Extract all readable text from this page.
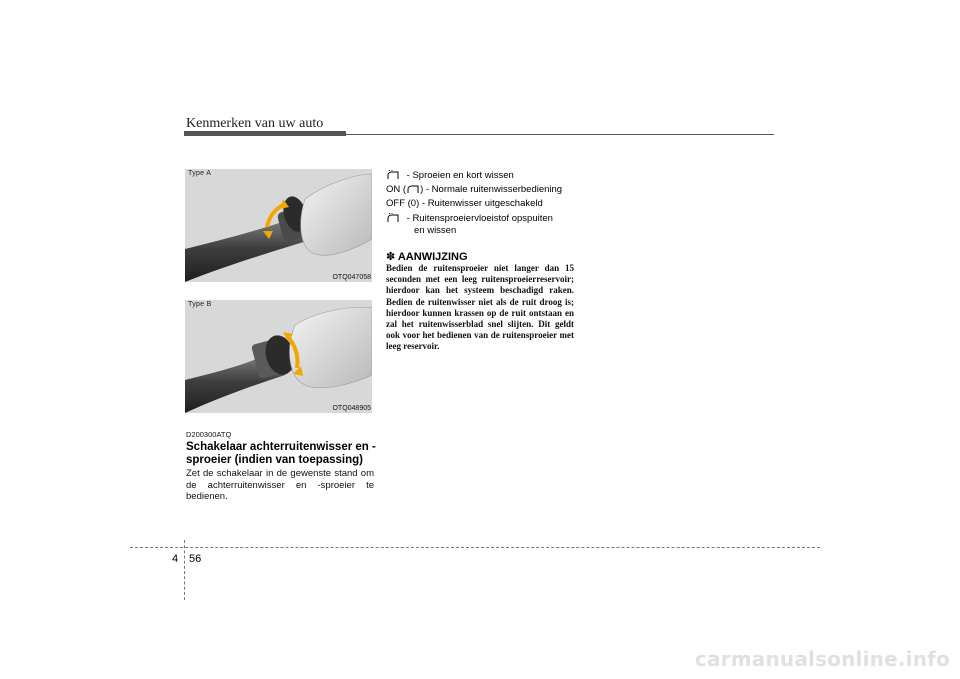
Kenmerken van uw auto
Type A
OTQ047058
Type B
OTQ048905
D200300ATQ
Schakelaar achterruitenwisser en -sproeier (indien van toepassing)
Zet de schakelaar in de gewenste stand om de achterruitenwisser en -sproeier te bedienen.
- Sproeien en kort wissen
ON ( ) - Normale ruitenwisserbediening
OFF (0) - Ruitenwisser uitgeschakeld
- Ruitensproeiervloeistof opspuiten
en wissen
✽ AANWIJZING
Bedien de ruitensproeier niet langer dan 15 seconden met een leeg ruitensproeierreservoir; hierdoor kan het systeem beschadigd raken. Bedien de ruitenwisser niet als de ruit droog is; hierdoor kunnen krassen op de ruit ontstaan en zal het ruitenwisserblad snel slijten. Dit geldt ook voor het bedienen van de ruitensproeier met leeg reservoir.
4 56
carmanualsonline.info
